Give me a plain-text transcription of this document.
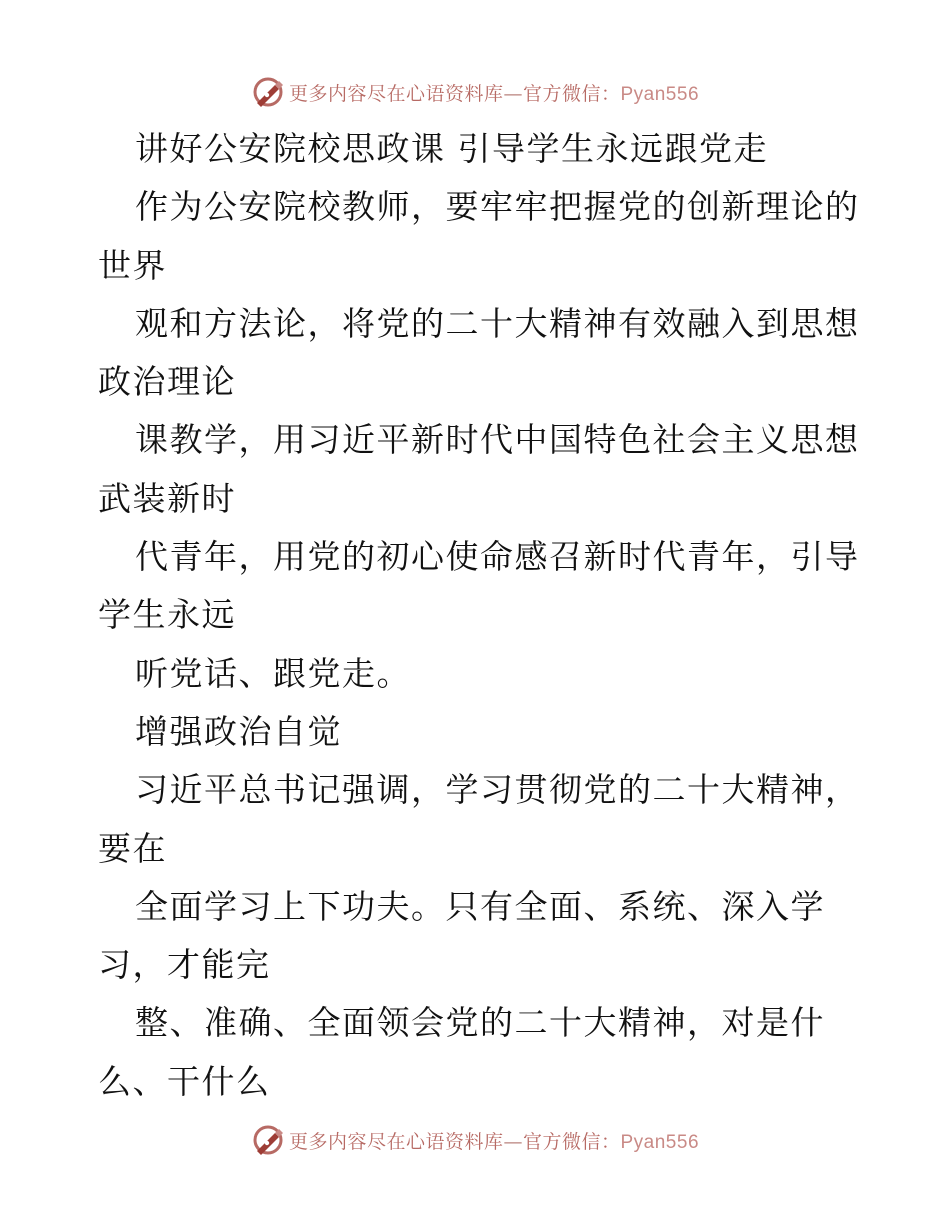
更多内容尽在心语资料库—官方微信：Pyan556
讲好公安院校思政课 引导学生永远跟党走
作为公安院校教师，要牢牢把握党的创新理论的
世界
观和方法论，将党的二十大精神有效融入到思想
政治理论
课教学，用习近平新时代中国特色社会主义思想
武装新时
代青年，用党的初心使命感召新时代青年，引导
学生永远
听党话、跟党走。
增强政治自觉
习近平总书记强调，学习贯彻党的二十大精神，
要在
全面学习上下功夫。只有全面、系统、深入学
习，才能完
整、准确、全面领会党的二十大精神，对是什
么、干什么
更多内容尽在心语资料库—官方微信：Pyan556
